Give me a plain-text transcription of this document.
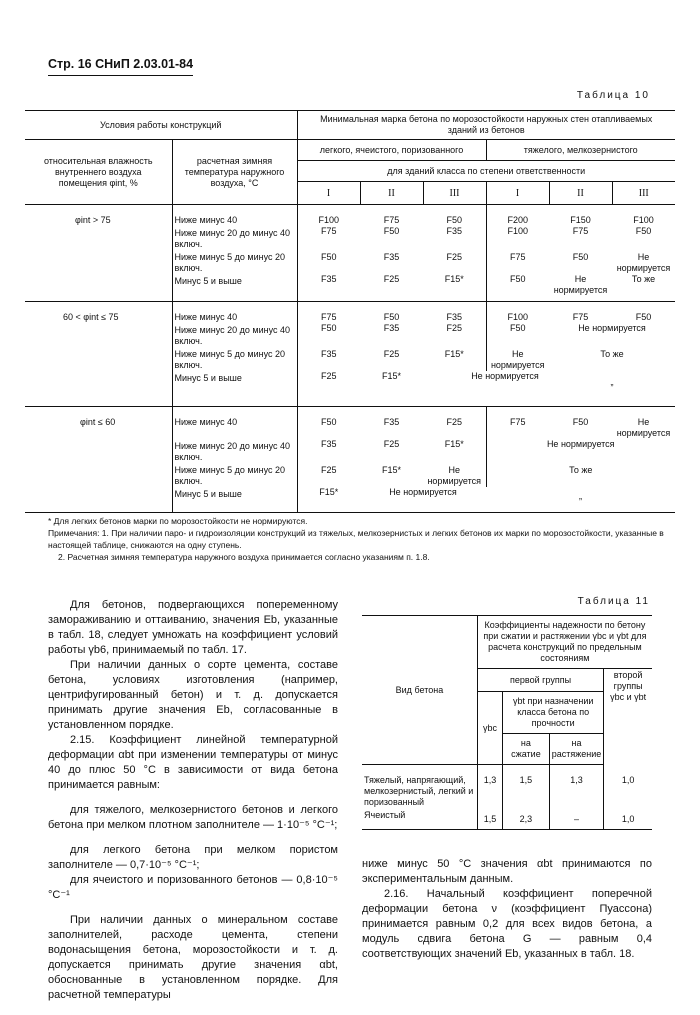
Стр. 16 СНиП 2.03.01-84
Таблица 10
Условия работы конструкций		Минимальная марка бетона по морозостойкости наружных стен отапливаемых зданий из бетонов					
относительная влажность внутреннего воздуха помещения φint, %	расчетная зимняя температура наружного воздуха, °С	легкого, ячеистого, поризованного			тяжелого, мелкозернистого		
		для зданий класса по степени ответственности					
		I	II	III	I	II	III
φint > 75	Ниже минус 40	F100	F75	F50	F200	F150	F100
	Ниже минус 20 до минус 40 включ.	F75	F50	F35	F100	F75	F50
	Ниже минус 5 до минус 20 включ.	F50	F35	F25	F75	F50	Не нормируется
	Минус 5 и выше	F35	F25	F15*	F50	Не нормируется	То же
60 < φint ≤ 75	Ниже минус 40	F75	F50	F35	F100	F75	F50
	Ниже минус 20 до минус 40 включ.	F50	F35	F25	F50	Не нормируется	
	Ниже минус 5 до минус 20 включ.	F35	F25	F15*	Не нормируется	То же	
	Минус 5 и выше	F25	F15*	Не нормируется		„	
φint ≤ 60	Ниже минус 40	F50	F35	F25	F75	F50	Не нормируется
	Ниже минус 20 до минус 40 включ.	F35	F25	F15*	Не нормируется		
	Ниже минус 5 до минус 20 включ.	F25	F15*	Не нормируется	То же		
	Минус 5 и выше	F15*	Не нормируется		„		

* Для легких бетонов марки по морозостойкости не нормируются.

Примечания: 1. При наличии паро- и гидроизоляции конструкций из тяжелых, мелкозернистых и легких бетонов их марки по морозостойкости, указанные в настоящей таблице, снижаются на одну ступень.

2. Расчетная зимняя температура наружного воздуха принимается согласно указаниям п. 1.8.

Для бетонов, подвергающихся попеременному замораживанию и оттаиванию, значения Eb, указанные в табл. 18, следует умножать на коэффициент условий работы γb6, принимаемый по табл. 17.

При наличии данных о сорте цемента, составе бетона, условиях изготовления (например, центрифугированный бетон) и т. д. допускается принимать другие значения Eb, согласованные в установленном порядке.

2.15. Коэффициент линейной температурной деформации αbt при изменении температуры от минус 40 до плюс 50 °С в зависимости от вида бетона принимается равным:

для тяжелого, мелкозернистого бетонов и легкого бетона при мелком плотном заполнителе — 1·10⁻⁵ °С⁻¹;

для легкого бетона при мелком пористом заполнителе — 0,7·10⁻⁵ °С⁻¹;

для ячеистого и поризованного бетонов — 0,8·10⁻⁵ °С⁻¹

При наличии данных о минеральном составе заполнителей, расходе цемента, степени водонасыщения бетона, морозостойкости и т. д. допускается принимать другие значения αbt, обоснованные в установленном порядке. Для расчетной температуры

Таблица 11
Вид бетона	Коэффициенты надежности по бетону при сжатии и растяжении γbc и γbt для расчета конструкций по предельным состояниям			
	первой группы			второй группы γbc и γbt
	γbc	γbt при назначении класса бетона по прочности		
		на сжатие	на растяжение	
Тяжелый, напрягающий, мелкозернистый, легкий и поризованный	1,3	1,5	1,3	1,0
Ячеистый	1,5	2,3	–	1,0

ниже минус 50 °С значения αbt принимаются по экспериментальным данным.

2.16. Начальный коэффициент поперечной деформации бетона ν (коэффициент Пуассона) принимается равным 0,2 для всех видов бетона, а модуль сдвига бетона G — равным 0,4 соответствующих значений Eb, указанных в табл. 18.
